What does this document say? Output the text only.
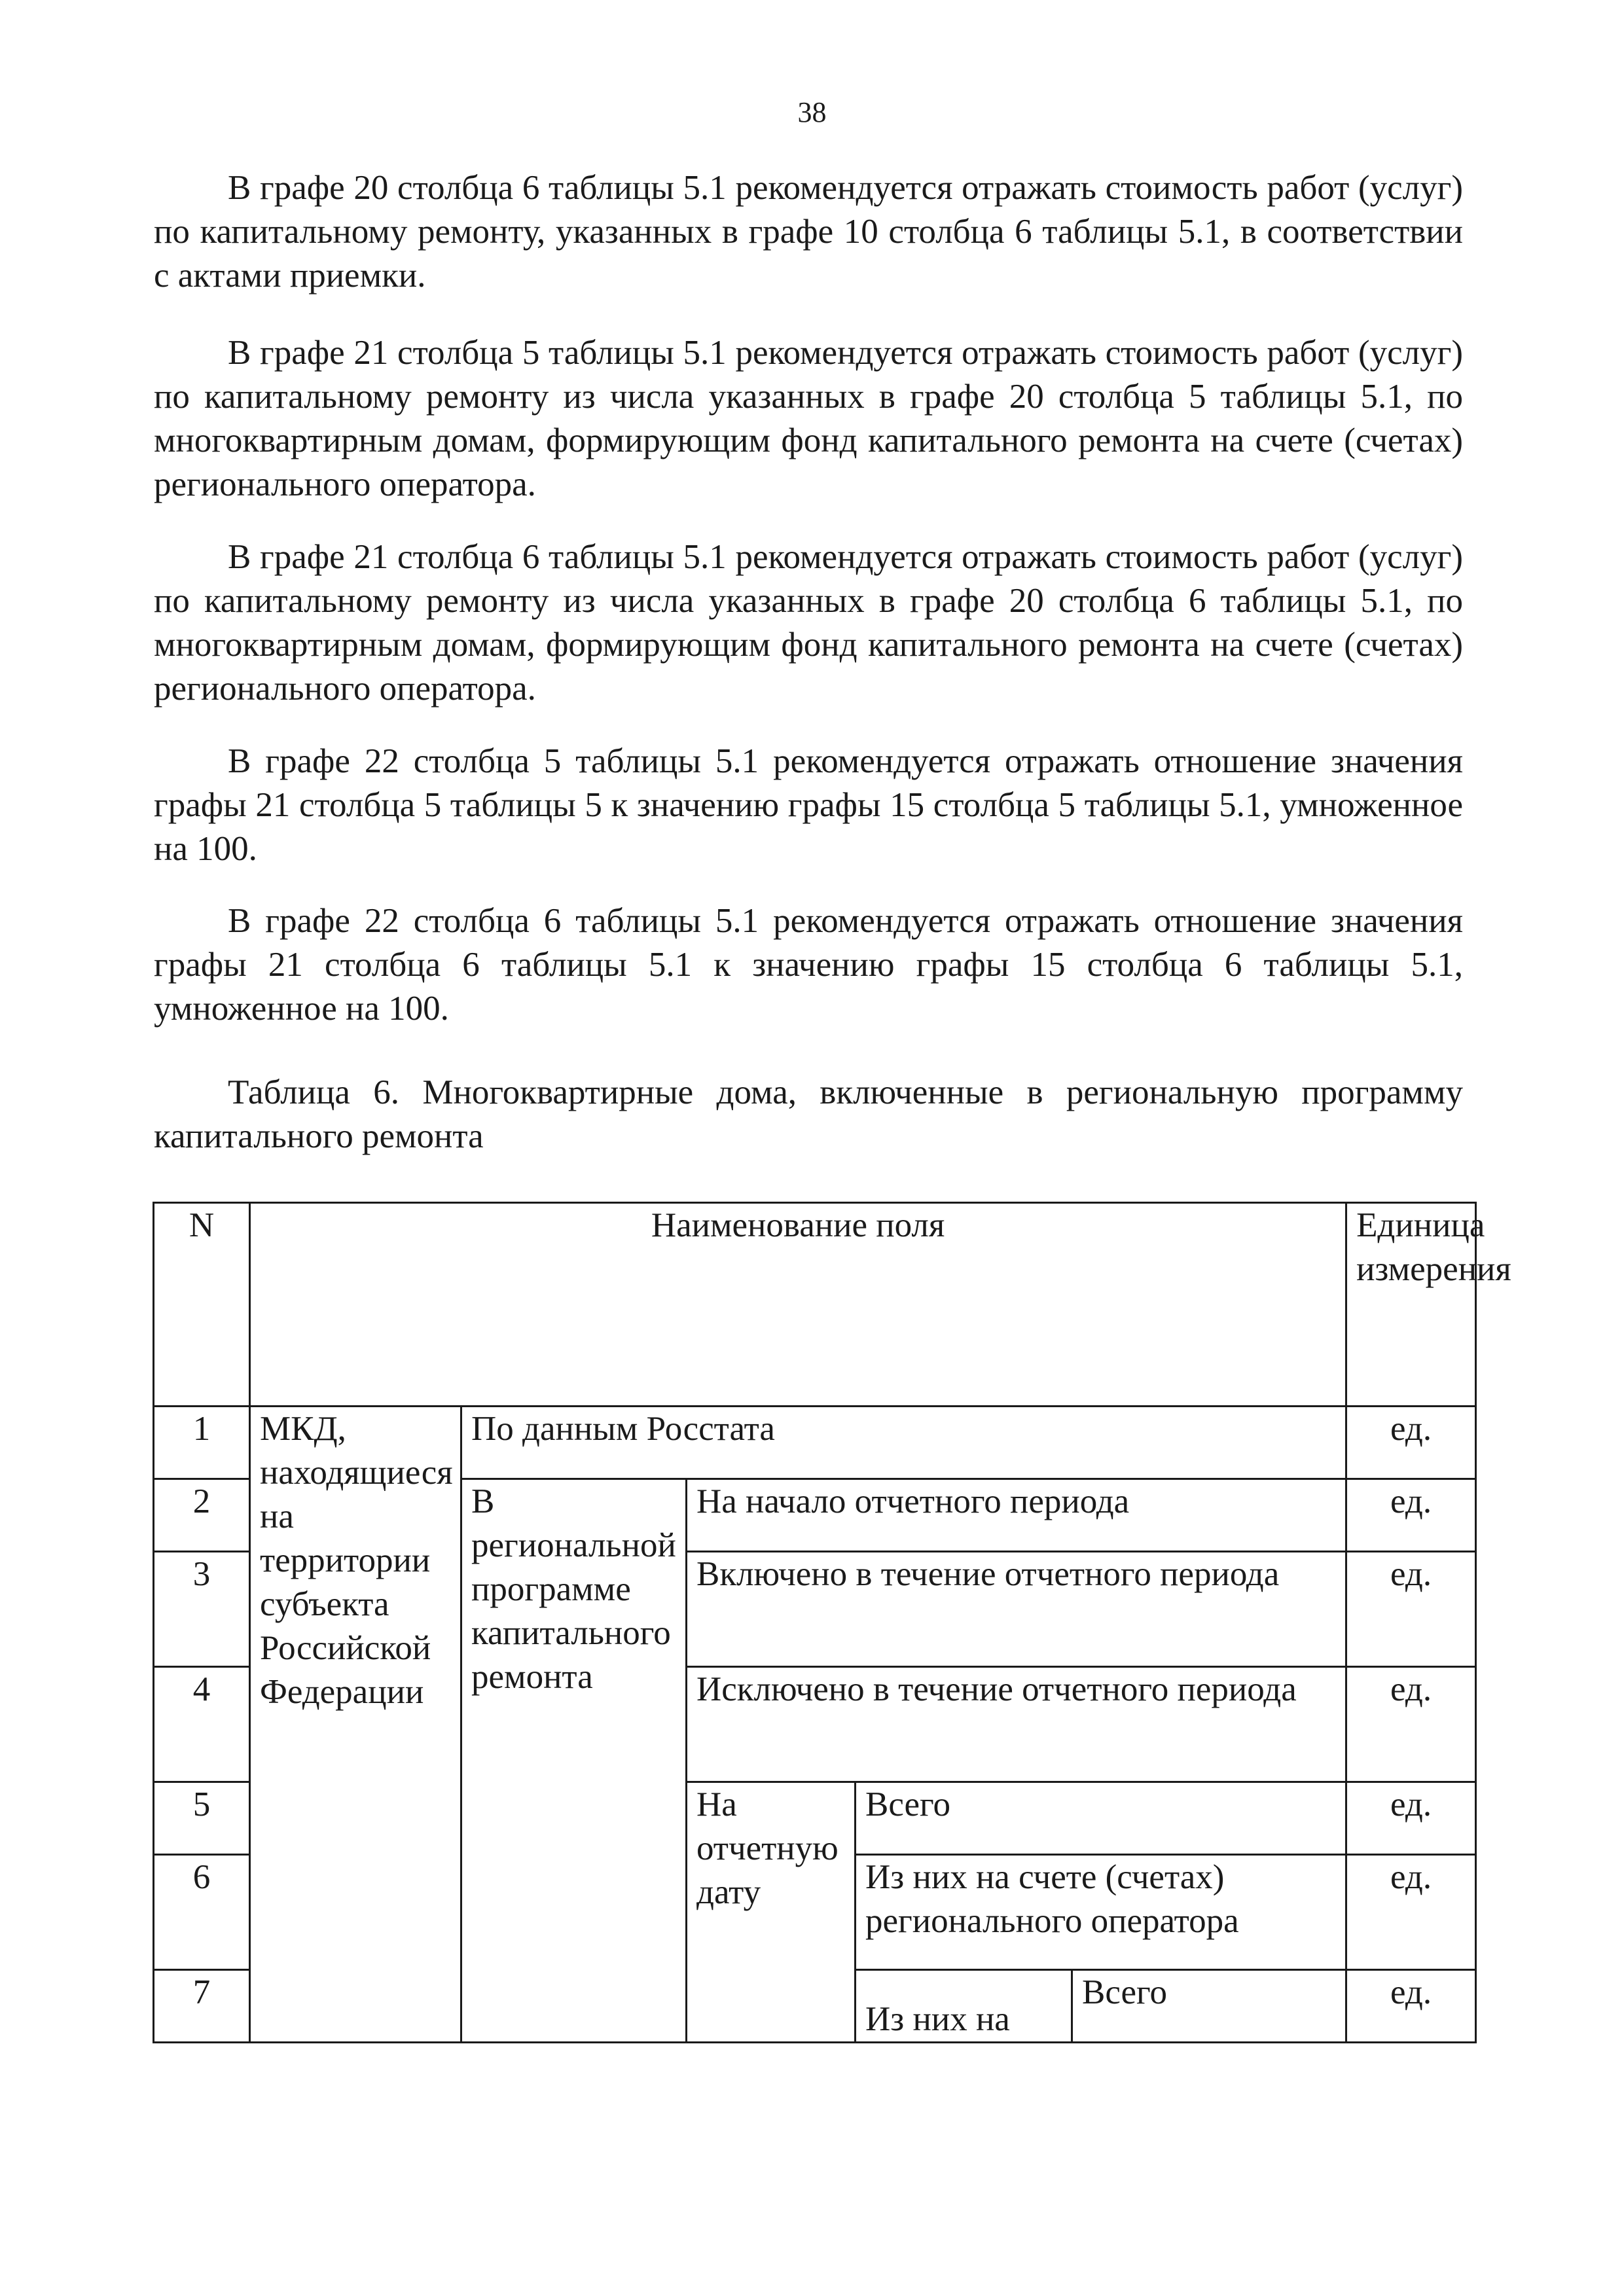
38

В графе 20 столбца 6 таблицы 5.1 рекомендуется отражать стоимость работ (услуг) по капитальному ремонту, указанных в графе 10 столбца 6 таблицы 5.1, в соответствии с актами приемки.

В графе 21 столбца 5 таблицы 5.1 рекомендуется отражать стоимость работ (услуг) по капитальному ремонту из числа указанных в графе 20 столбца 5 таблицы 5.1, по многоквартирным домам, формирующим фонд капитального ремонта на счете (счетах) регионального оператора.

В графе 21 столбца 6 таблицы 5.1 рекомендуется отражать стоимость работ (услуг) по капитальному ремонту из числа указанных в графе 20 столбца 6 таблицы 5.1, по многоквартирным домам, формирующим фонд капитального ремонта на счете (счетах) регионального оператора.

В графе 22 столбца 5 таблицы 5.1 рекомендуется отражать отношение значения графы 21 столбца 5 таблицы 5 к значению графы 15 столбца 5 таблицы 5.1, умноженное на 100.

В графе 22 столбца 6 таблицы 5.1 рекомендуется отражать отношение значения графы 21 столбца 6 таблицы 5.1 к значению графы 15 столбца 6 таблицы 5.1, умноженное на 100.

Таблица 6. Многоквартирные дома, включенные в региональную программу капитального ремонта

N	Наименование поля					Единица измерения
1	МКД, находящиеся на территории субъекта Российской Федерации	По данным Росстата				ед.
2		В региональной программе капитального ремонта	На начало отчетного периода			ед.
3			Включено в течение отчетного периода			ед.
4			Исключено в течение отчетного периода			ед.
5			На отчетную дату	Всего		ед.
6				Из них на счете (счетах) регионального оператора		ед.
7				Из них на	Всего	ед.
